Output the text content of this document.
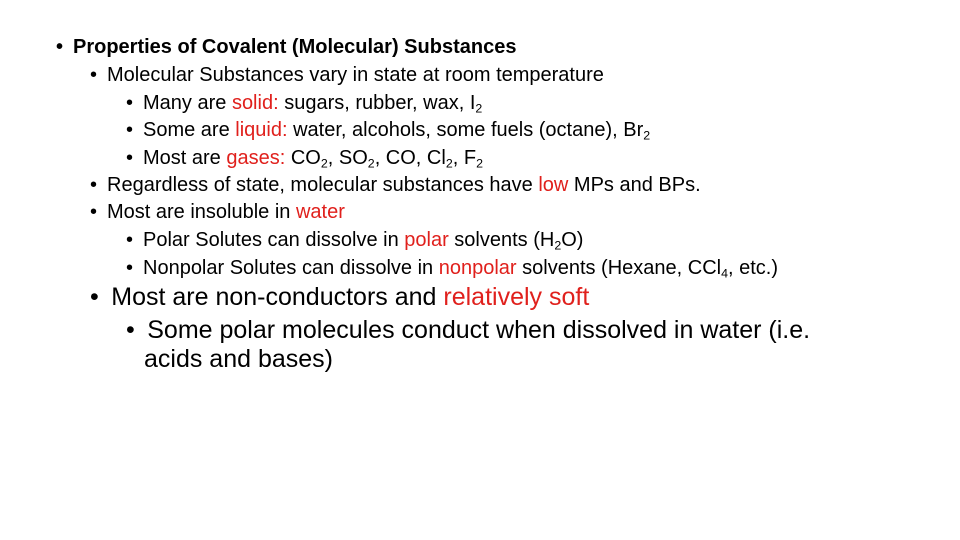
• Properties of Covalent (Molecular) Substances
• Molecular Substances vary in state at room temperature
• Many are solid: sugars, rubber, wax, $I_2$
• Some are liquid: water, alcohols, some fuels (octane), $Br_2$
• Most are gases: $CO_2$, $SO_2$, CO, $Cl_2$, $F_2$
• Regardless of state, molecular substances have low MPs and BPs.
• Most are insoluble in water
• Polar Solutes can dissolve in polar solvents $(H_2O)$
• Nonpolar Solutes can dissolve in nonpolar solvents (Hexane, CCl$_4$, etc.)
• Most are non-conductors and relatively soft
• Some polar molecules conduct when dissolved in water (i.e.
acids and bases)
